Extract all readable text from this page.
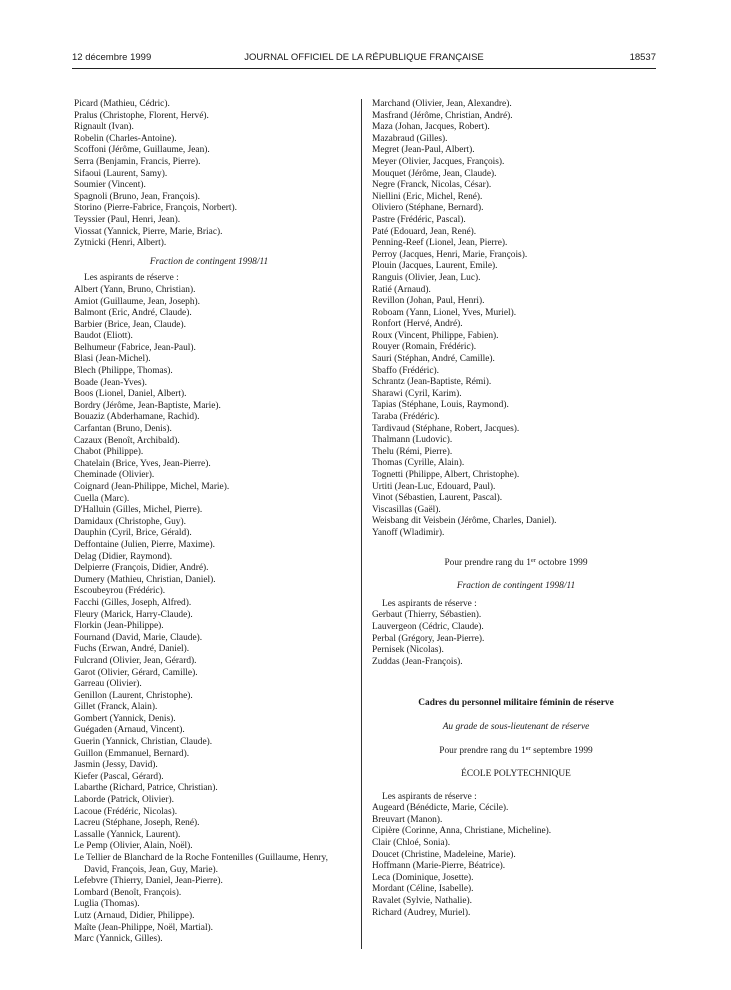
12 décembre 1999	JOURNAL OFFICIEL DE LA RÉPUBLIQUE FRANÇAISE	18537
Picard (Mathieu, Cédric).
Pralus (Christophe, Florent, Hervé).
Rignault (Ivan).
Robelin (Charles-Antoine).
Scoffoni (Jérôme, Guillaume, Jean).
Serra (Benjamin, Francis, Pierre).
Sifaoui (Laurent, Samy).
Soumier (Vincent).
Spagnoli (Bruno, Jean, François).
Storino (Pierre-Fabrice, François, Norbert).
Teyssier (Paul, Henri, Jean).
Viossat (Yannick, Pierre, Marie, Briac).
Zytnicki (Henri, Albert).
Fraction de contingent 1998/11
Les aspirants de réserve :
Albert (Yann, Bruno, Christian).
Amiot (Guillaume, Jean, Joseph).
Balmont (Eric, André, Claude).
Barbier (Brice, Jean, Claude).
Baudot (Eliott).
Belhumeur (Fabrice, Jean-Paul).
Blasi (Jean-Michel).
Blech (Philippe, Thomas).
Boade (Jean-Yves).
Boos (Lionel, Daniel, Albert).
Bordry (Jérôme, Jean-Baptiste, Marie).
Bouaziz (Abderhamane, Rachid).
Carfantan (Bruno, Denis).
Cazaux (Benoît, Archibald).
Chabot (Philippe).
Chatelain (Brice, Yves, Jean-Pierre).
Cheminade (Olivier).
Coignard (Jean-Philippe, Michel, Marie).
Cuella (Marc).
D'Halluin (Gilles, Michel, Pierre).
Damidaux (Christophe, Guy).
Dauphin (Cyril, Brice, Gérald).
Deffontaine (Julien, Pierre, Maxime).
Delag (Didier, Raymond).
Delpierre (François, Didier, André).
Dumery (Mathieu, Christian, Daniel).
Escoubeyrou (Frédéric).
Facchi (Gilles, Joseph, Alfred).
Fleury (Marick, Harry-Claude).
Florkin (Jean-Philippe).
Fournand (David, Marie, Claude).
Fuchs (Erwan, André, Daniel).
Fulcrand (Olivier, Jean, Gérard).
Garot (Olivier, Gérard, Camille).
Garreau (Olivier).
Genillon (Laurent, Christophe).
Gillet (Franck, Alain).
Gombert (Yannick, Denis).
Guégaden (Arnaud, Vincent).
Guerin (Yannick, Christian, Claude).
Guillon (Emmanuel, Bernard).
Jasmin (Jessy, David).
Kiefer (Pascal, Gérard).
Labarthe (Richard, Patrice, Christian).
Laborde (Patrick, Olivier).
Lacoue (Frédéric, Nicolas).
Lacreu (Stéphane, Joseph, René).
Lassalle (Yannick, Laurent).
Le Pemp (Olivier, Alain, Noël).
Le Tellier de Blanchard de la Roche Fontenilles (Guillaume, Henry, David, François, Jean, Guy, Marie).
Lefebvre (Thierry, Daniel, Jean-Pierre).
Lombard (Benoît, François).
Luglia (Thomas).
Lutz (Arnaud, Didier, Philippe).
Maîte (Jean-Philippe, Noël, Martial).
Marc (Yannick, Gilles).
Marchand (Olivier, Jean, Alexandre).
Masfrand (Jérôme, Christian, André).
Maza (Johan, Jacques, Robert).
Mazabraud (Gilles).
Megret (Jean-Paul, Albert).
Meyer (Olivier, Jacques, François).
Mouquet (Jérôme, Jean, Claude).
Negre (Franck, Nicolas, César).
Niellini (Eric, Michel, René).
Oliviero (Stéphane, Bernard).
Pastre (Frédéric, Pascal).
Paté (Edouard, Jean, René).
Penning-Reef (Lionel, Jean, Pierre).
Perroy (Jacques, Henri, Marie, François).
Plouin (Jacques, Laurent, Emile).
Ranguis (Olivier, Jean, Luc).
Ratié (Arnaud).
Revillon (Johan, Paul, Henri).
Roboam (Yann, Lionel, Yves, Muriel).
Ronfort (Hervé, André).
Roux (Vincent, Philippe, Fabien).
Rouyer (Romain, Frédéric).
Sauri (Stéphan, André, Camille).
Sbaffo (Frédéric).
Schrantz (Jean-Baptiste, Rémi).
Sharawi (Cyril, Karim).
Tapias (Stéphane, Louis, Raymond).
Taraba (Frédéric).
Tardivaud (Stéphane, Robert, Jacques).
Thalmann (Ludovic).
Thelu (Rémi, Pierre).
Thomas (Cyrille, Alain).
Tognetti (Philippe, Albert, Christophe).
Urtiti (Jean-Luc, Edouard, Paul).
Vinot (Sébastien, Laurent, Pascal).
Viscasillas (Gaël).
Weisbang dit Veisbein (Jérôme, Charles, Daniel).
Yanoff (Wladimir).
Pour prendre rang du 1er octobre 1999
Fraction de contingent 1998/11
Les aspirants de réserve :
Gerbaut (Thierry, Sébastien).
Lauvergeon (Cédric, Claude).
Perbal (Grégory, Jean-Pierre).
Pernisek (Nicolas).
Zuddas (Jean-François).
Cadres du personnel militaire féminin de réserve
Au grade de sous-lieutenant de réserve
Pour prendre rang du 1er septembre 1999
ÉCOLE POLYTECHNIQUE
Les aspirants de réserve :
Augeard (Bénédicte, Marie, Cécile).
Breuvart (Manon).
Cipière (Corinne, Anna, Christiane, Micheline).
Clair (Chloé, Sonia).
Doucet (Christine, Madeleine, Marie).
Hoffmann (Marie-Pierre, Béatrice).
Leca (Dominique, Josette).
Mordant (Céline, Isabelle).
Ravalet (Sylvie, Nathalie).
Richard (Audrey, Muriel).
